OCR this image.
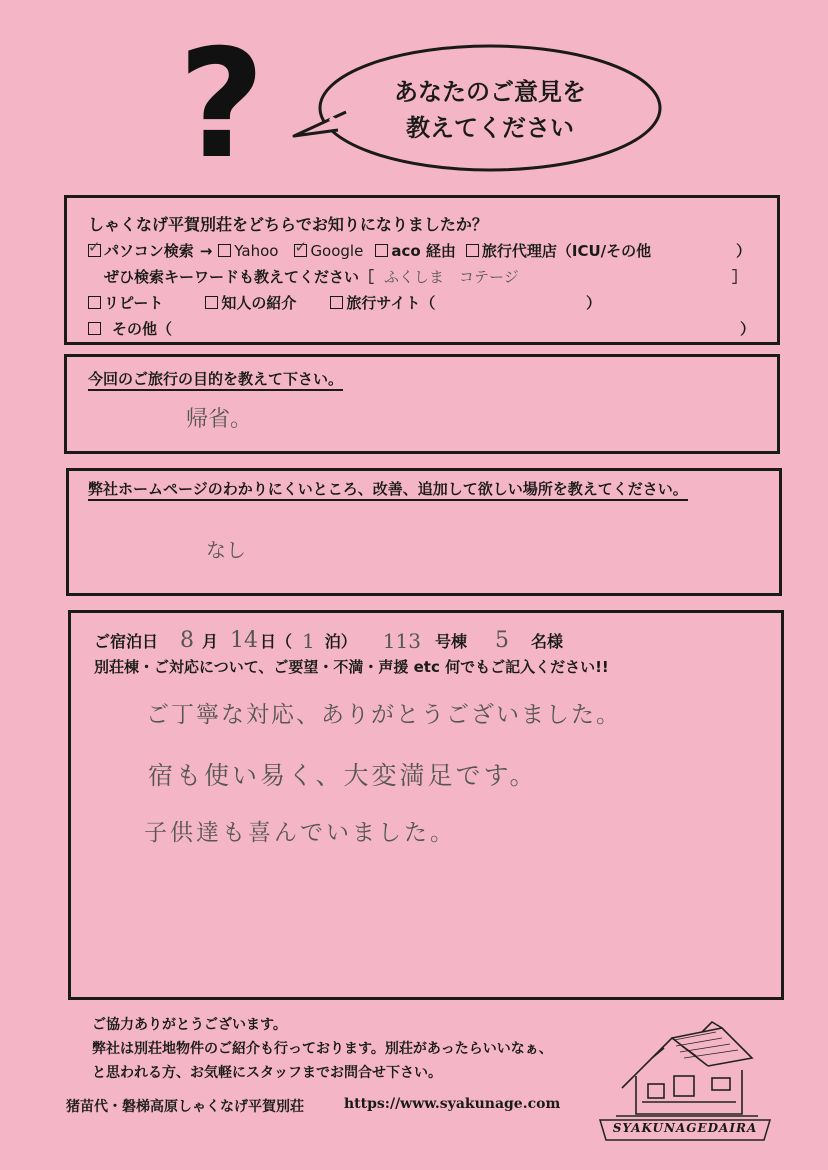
?	あなたのご意見を
教えてください
しゃくなげ平賀別荘をどちらでお知りになりましたか？
✓
パソコン検索 → Yahoo
✓ Google aco 経由 旅行代理店（ICU/その他	）
ぜひ検索キーワードも教えてください［ ふくしま　コテージ	］
リピート	知人の紹介	旅行サイト（	）
その他（	）
今回のご旅行の目的を教えて下さい。
帰省。
弊社ホームページのわかりにくいところ、改善、追加して欲しい場所を教えてください。
なし
ご宿泊日 8 月 14 日（ 1 泊） 113 号棟 5 名様
別荘棟・ご対応について、ご要望・不満・声援 etc 何でもご記入ください!!
ご丁寧な対応、ありがとうございました。
宿も使い易く、大変満足です。
子供達も喜んでいました。
ご協力ありがとうございます。
弊社は別荘地物件のご紹介も行っております。別荘があったらいいなぁ、
と思われる方、お気軽にスタッフまでお問合せ下さい。
猪苗代・磐梯高原しゃくなげ平賀別荘	https://www.syakunage.com
SYAKUNAGEDAIRA
